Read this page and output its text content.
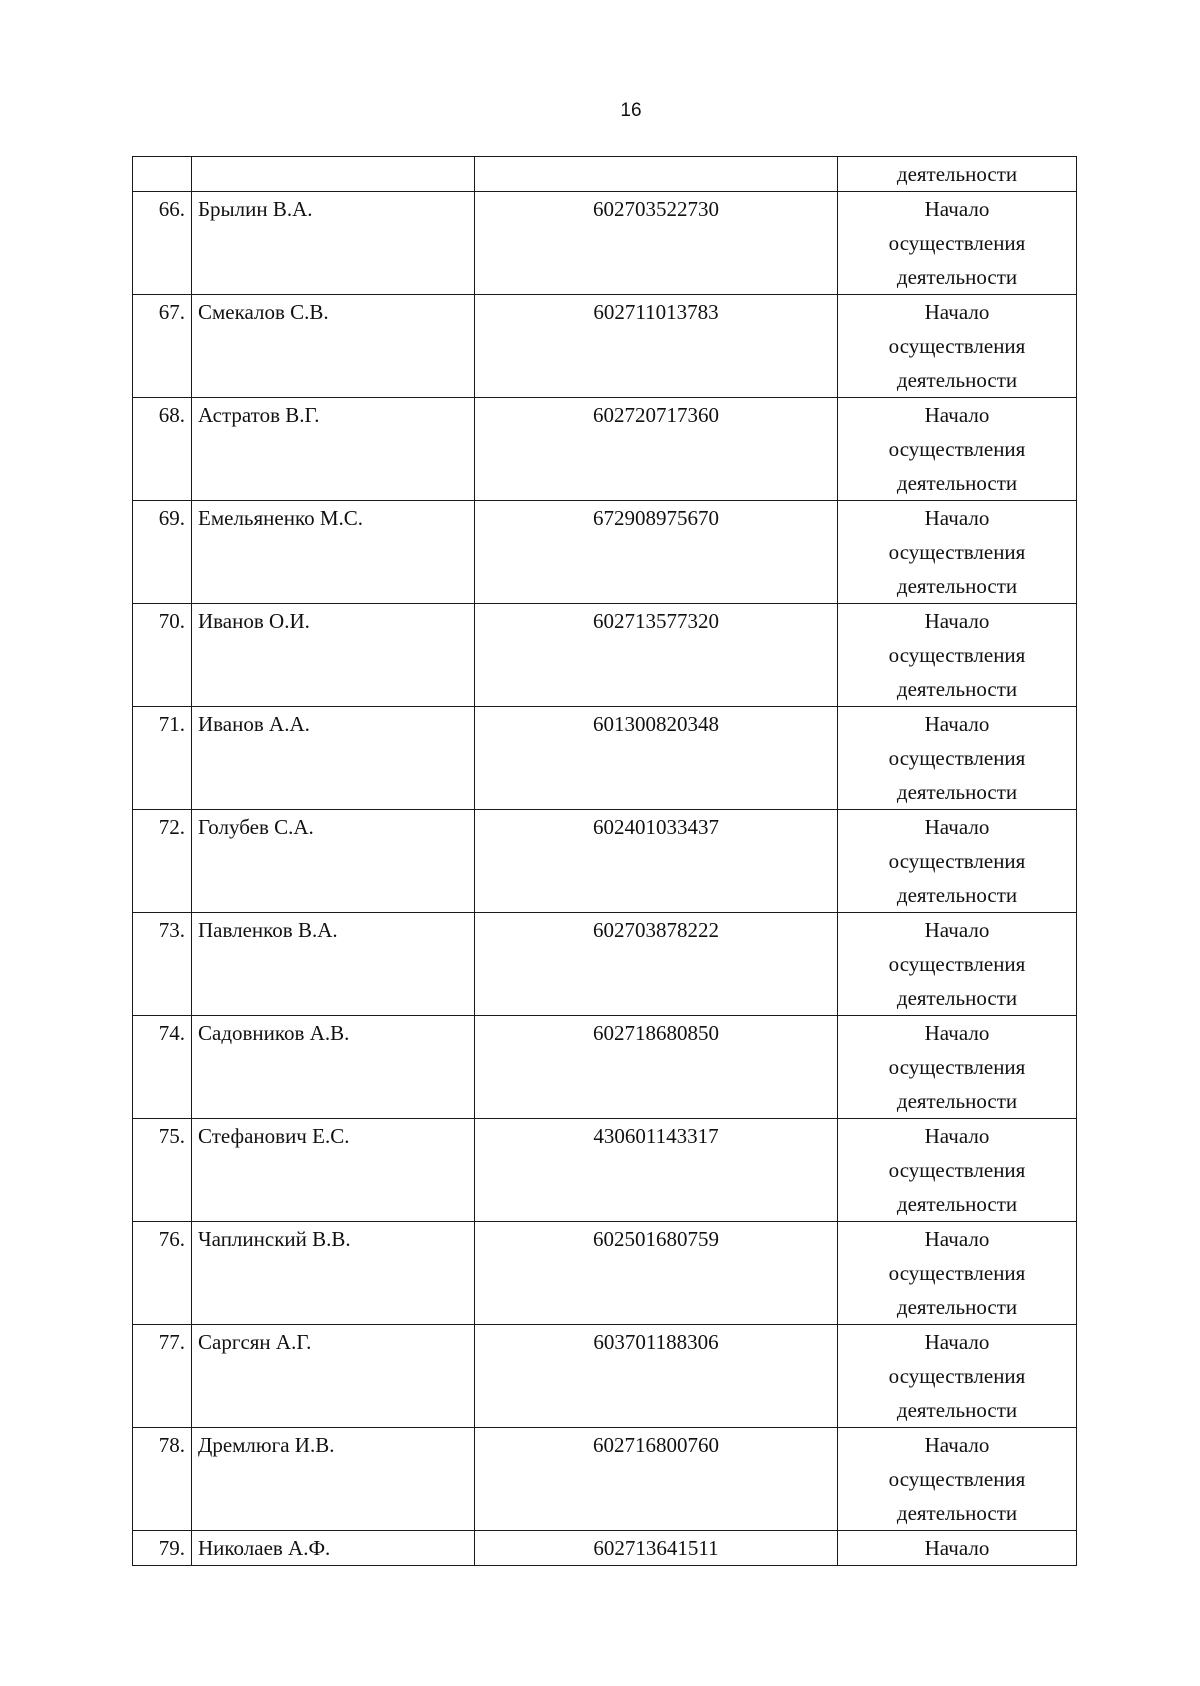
16
			деятельности
66.	Брылин В.А.	602703522730	Начало
осуществления
деятельности

67.	Смекалов С.В.	602711013783	Начало
осуществления
деятельности

68.	Астратов В.Г.	602720717360	Начало
осуществления
деятельности

69.	Емельяненко М.С.	672908975670	Начало
осуществления
деятельности

70.	Иванов О.И.	602713577320	Начало
осуществления
деятельности

71.	Иванов А.А.	601300820348	Начало
осуществления
деятельности

72.	Голубев С.А.	602401033437	Начало
осуществления
деятельности

73.	Павленков В.А.	602703878222	Начало
осуществления
деятельности

74.	Садовников А.В.	602718680850	Начало
осуществления
деятельности

75.	Стефанович Е.С.	430601143317	Начало
осуществления
деятельности

76.	Чаплинский В.В.	602501680759	Начало
осуществления
деятельности

77.	Саргсян А.Г.	603701188306	Начало
осуществления
деятельности

78.	Дремлюга И.В.	602716800760	Начало
осуществления
деятельности

79.	Николаев А.Ф.	602713641511	Начало
